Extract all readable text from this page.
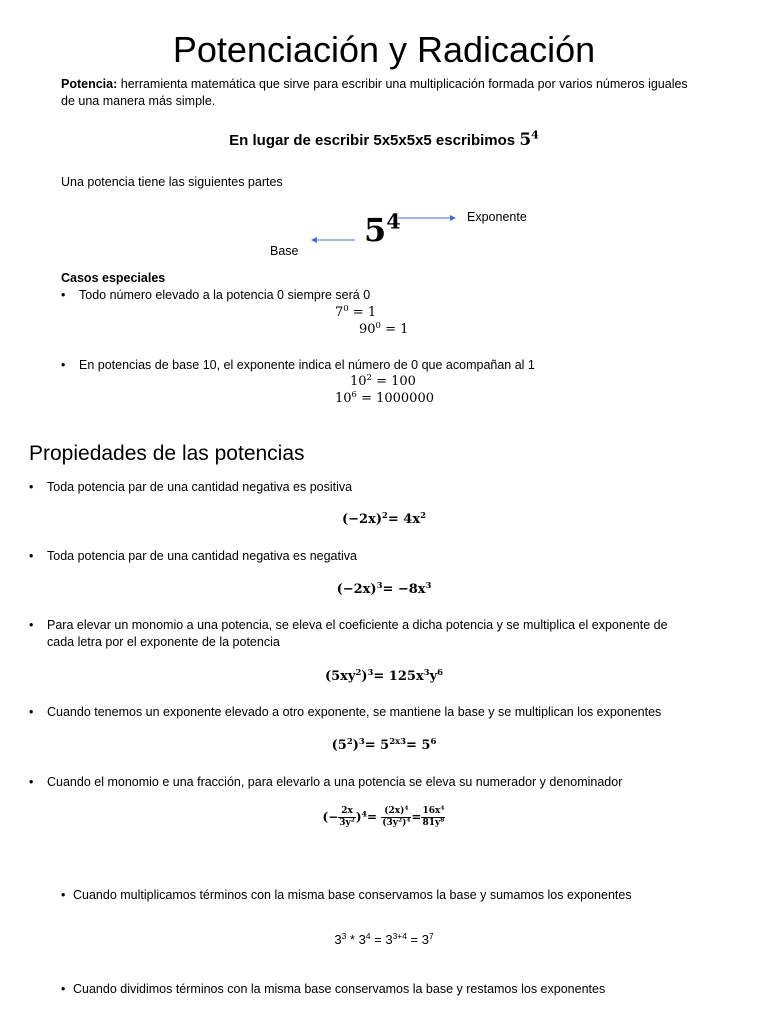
Potenciación y Radicación
Potencia: herramienta matemática que sirve para escribir una multiplicación formada por varios números iguales de una manera más simple.
En lugar de escribir 5x5x5x5 escribimos $5^4$
Una potencia tiene las siguientes partes
$5^4$	Exponente
Base
Casos especiales
• Todo número elevado a la potencia 0 siempre será 0
$7^0 = 1$
$90^0 = 1$
• En potencias de base 10, el exponente indica el número de 0 que acompañan al 1
$10^2 = 100$
$10^6 = 1000000$
Propiedades de las potencias
• Toda potencia par de una cantidad negativa es positiva
$(-2x)^2= 4x^2$
• Toda potencia par de una cantidad negativa es negativa
$(-2x)^3= -8x^3$
• Para elevar un monomio a una potencia, se eleva el coeficiente a dicha potencia y se multiplica el exponente de
cada letra por el exponente de la potencia
$(5xy^2)^3= 125x^3y^6$
• Cuando tenemos un exponente elevado a otro exponente, se mantiene la base y se multiplican los exponentes
$(5^2)^3= 5^{2x3}= 5^6$
• Cuando el monomio e una fracción, para elevarlo a una potencia se eleva su numerador y denominador
(− $\frac{2x}{3y^2} )^4= \frac{(2x)^4}{(3y^2)^4} = \frac{16x^4}{81y^8}$
• Cuando multiplicamos términos con la misma base conservamos la base y sumamos los exponentes
$3^3 * 3^4 = 3^{3+4} = 3^7$
• Cuando dividimos términos con la misma base conservamos la base y restamos los exponentes
